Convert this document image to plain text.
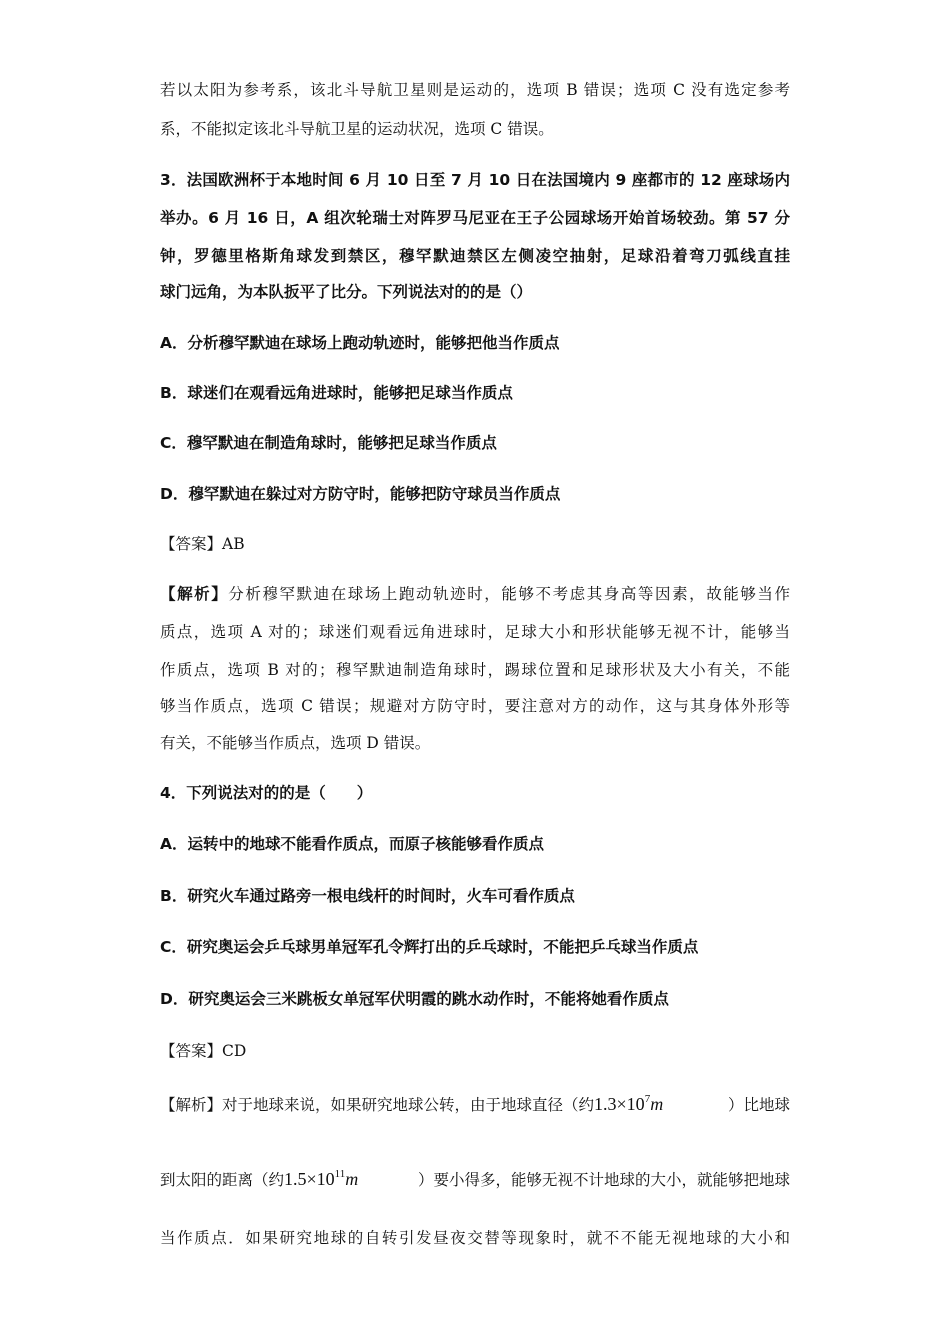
若以太阳为参考系，该北斗导航卫星则是运动的，选项 B 错误；选项 C 没有选定参考
系，不能拟定该北斗导航卫星的运动状况，选项 C 错误。
3．法国欧洲杯于本地时间 6 月 10 日至 7 月 10 日在法国境内 9 座都市的 12 座球场内
举办。6 月 16 日，A 组次轮瑞士对阵罗马尼亚在王子公园球场开始首场较劲。第 57 分
钟，罗德里格斯角球发到禁区，穆罕默迪禁区左侧凌空抽射，足球沿着弯刀弧线直挂
球门远角，为本队扳平了比分。下列说法对的的是（）
A．分析穆罕默迪在球场上跑动轨迹时，能够把他当作质点
B．球迷们在观看远角进球时，能够把足球当作质点
C．穆罕默迪在制造角球时，能够把足球当作质点
D．穆罕默迪在躲过对方防守时，能够把防守球员当作质点
【答案】AB
【解析】分析穆罕默迪在球场上跑动轨迹时，能够不考虑其身高等因素，故能够当作
质点，选项 A 对的；球迷们观看远角进球时，足球大小和形状能够无视不计，能够当
作质点，选项 B 对的；穆罕默迪制造角球时，踢球位置和足球形状及大小有关，不能
够当作质点，选项 C 错误；规避对方防守时，要注意对方的动作，这与其身体外形等
有关，不能够当作质点，选项 D 错误。
4．下列说法对的的是（　　）
A．运转中的地球不能看作质点，而原子核能够看作质点
B．研究火车通过路旁一根电线杆的时间时，火车可看作质点
C．研究奥运会乒乓球男单冠军孔令辉打出的乒乓球时，不能把乒乓球当作质点
D．研究奥运会三米跳板女单冠军伏明霞的跳水动作时，不能将她看作质点
【答案】CD
【解析】对于地球来说，如果研究地球公转，由于地球直径（约$1.3\times 10^7m$	）比地球
到太阳的距离（约$1.5\times 10^{11}m$	）要小得多，能够无视不计地球的大小，就能够把地球
当作质点．如果研究地球的自转引发昼夜交替等现象时，就不不能无视地球的大小和
